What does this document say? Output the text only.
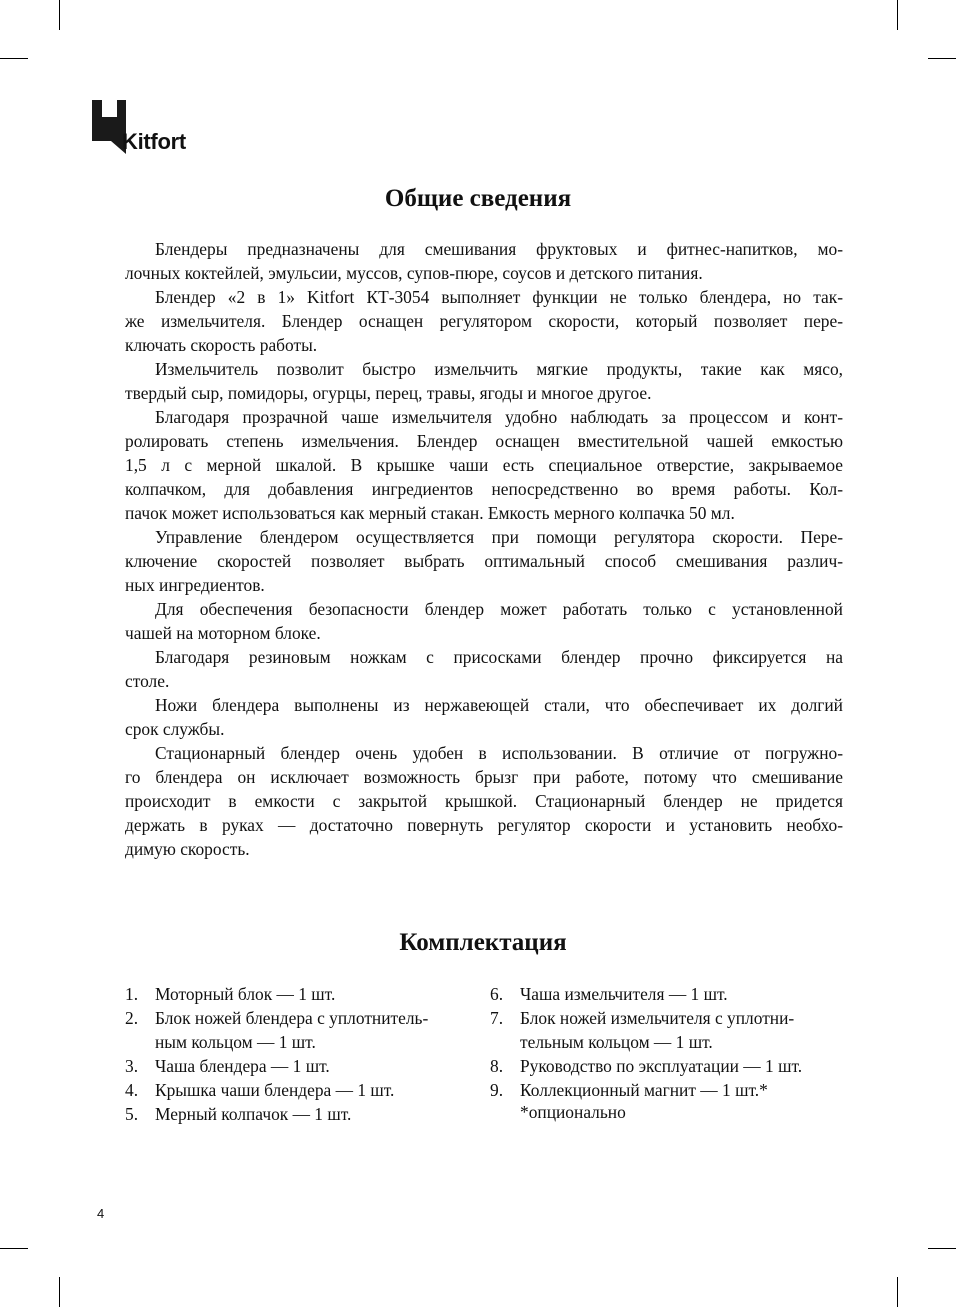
Kitfort
Общие сведения

Блендеры предназначены для смешивания фруктовых и фитнес-напитков, мо-
лочных коктейлей, эмульсии, муссов, супов-пюре, соусов и детского питания.

Блендер «2 в 1» Kitfort КТ-3054 выполняет функции не только блендера, но так-
же измельчителя. Блендер оснащен регулятором скорости, который позволяет пере-
ключать скорость работы.

Измельчитель позволит быстро измельчить мягкие продукты, такие как мясо,
твердый сыр, помидоры, огурцы, перец, травы, ягоды и многое другое.

Благодаря прозрачной чаше измельчителя удобно наблюдать за процессом и конт-
ролировать степень измельчения. Блендер оснащен вместительной чашей емкостью
1,5 л с мерной шкалой. В крышке чаши есть специальное отверстие, закрываемое
колпачком, для добавления ингредиентов непосредственно во время работы. Кол-
пачок может использоваться как мерный стакан. Емкость мерного колпачка 50 мл.

Управление блендером осуществляется при помощи регулятора скорости. Пере-
ключение скоростей позволяет выбрать оптимальный способ смешивания различ-
ных ингредиентов.

Для обеспечения безопасности блендер может работать только с установленной
чашей на моторном блоке.

Благодаря резиновым ножкам с присосками блендер прочно фиксируется на
столе.

Ножи блендера выполнены из нержавеющей стали, что обеспечивает их долгий
срок службы.

Стационарный блендер очень удобен в использовании. В отличие от погружно-
го блендера он исключает возможность брызг при работе, потому что смешивание
происходит в емкости с закрытой крышкой. Стационарный блендер не придется
держать в руках — достаточно повернуть регулятор скорости и установить необхо-
димую скорость.

Комплектация
1. Моторный блок — 1 шт.
2. Блок ножей блендера с уплотнитель-
ным кольцом — 1 шт.
3. Чаша блендера — 1 шт.
4. Крышка чаши блендера — 1 шт.
5. Мерный колпачок — 1 шт.
6. Чаша измельчителя — 1 шт.
7. Блок ножей измельчителя с уплотни-
тельным кольцом — 1 шт.
8. Руководство по эксплуатации — 1 шт.
9. Коллекционный магнит — 1 шт.*
*опционально
4
